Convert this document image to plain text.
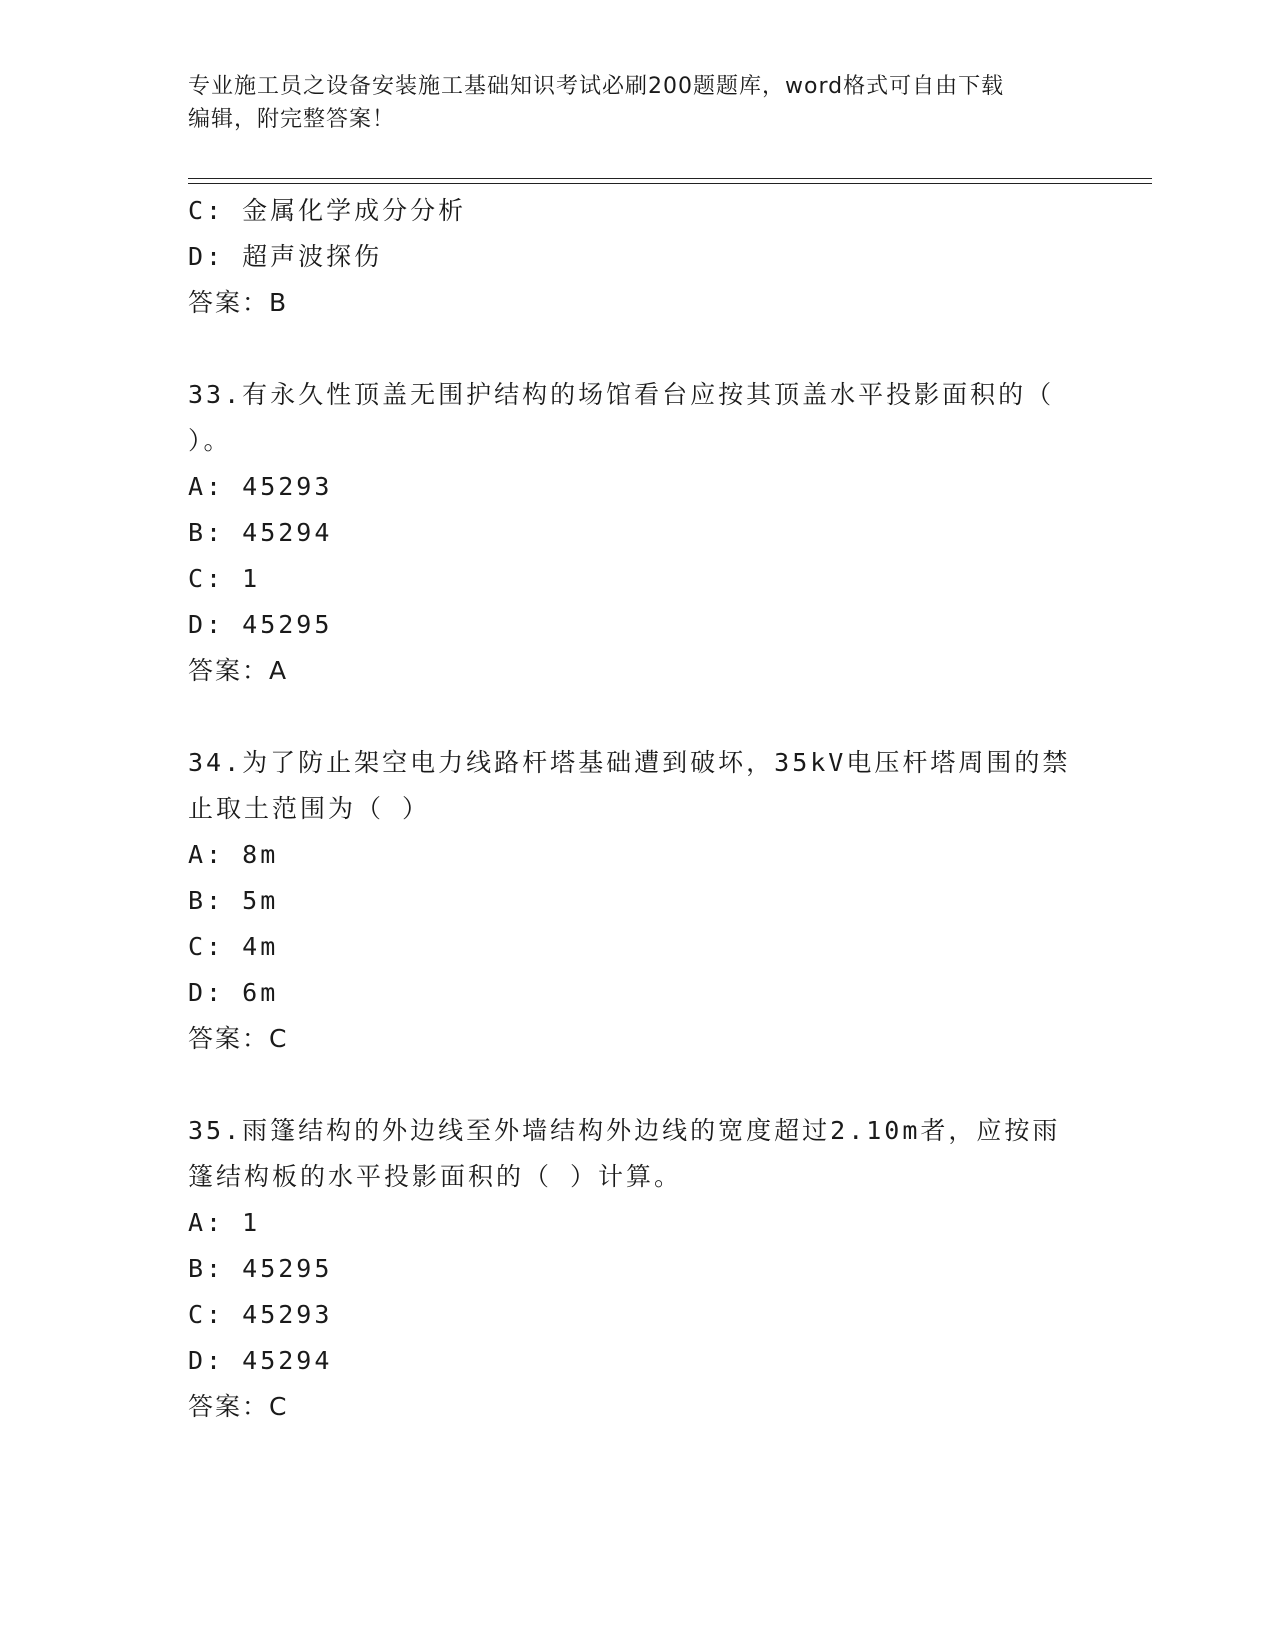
专业施工员之设备安装施工基础知识考试必刷200题题库，word格式可自由下载
编辑，附完整答案！
C: 金属化学成分分析
D: 超声波探伤
答案：B
33.有永久性顶盖无围护结构的场馆看台应按其顶盖水平投影面积的（
）。
A: 45293
B: 45294
C: 1
D: 45295
答案：A
34.为了防止架空电力线路杆塔基础遭到破坏，35kV电压杆塔周围的禁
止取土范围为（ ）
A: 8m
B: 5m
C: 4m
D: 6m
答案：C
35.雨篷结构的外边线至外墙结构外边线的宽度超过2.10m者，应按雨
篷结构板的水平投影面积的（ ）计算。
A: 1
B: 45295
C: 45293
D: 45294
答案：C
